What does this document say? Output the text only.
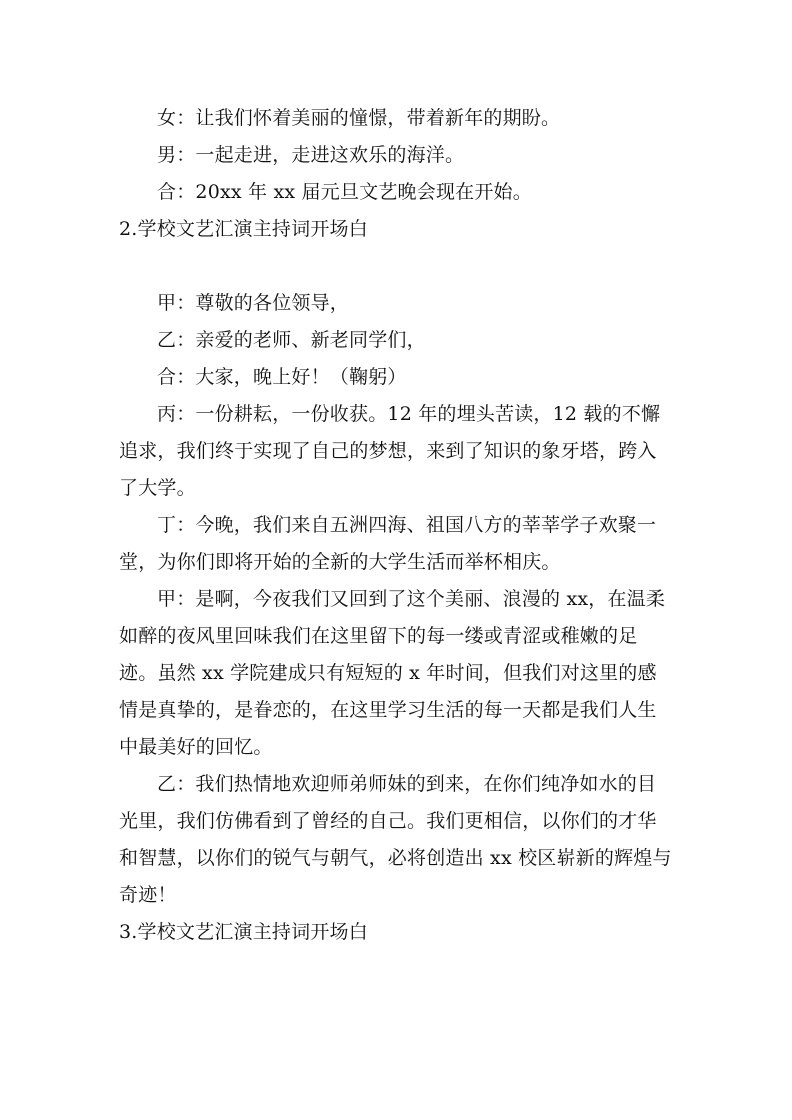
女：让我们怀着美丽的憧憬，带着新年的期盼。

男：一起走进，走进这欢乐的海洋。

合：20xx 年 xx 届元旦文艺晚会现在开始。

2.学校文艺汇演主持词开场白

甲：尊敬的各位领导，

乙：亲爱的老师、新老同学们，

合：大家，晚上好！（鞠躬）

丙：一份耕耘，一份收获。12 年的埋头苦读，12 载的不懈追求，我们终于实现了自己的梦想，来到了知识的象牙塔，跨入了大学。

丁：今晚，我们来自五洲四海、祖国八方的莘莘学子欢聚一堂，为你们即将开始的全新的大学生活而举杯相庆。

甲：是啊，今夜我们又回到了这个美丽、浪漫的 xx，在温柔如醉的夜风里回味我们在这里留下的每一缕或青涩或稚嫩的足迹。虽然 xx 学院建成只有短短的 x 年时间，但我们对这里的感情是真挚的，是眷恋的，在这里学习生活的每一天都是我们人生中最美好的回忆。

乙：我们热情地欢迎师弟师妹的到来，在你们纯净如水的目光里，我们仿佛看到了曾经的自己。我们更相信，以你们的才华和智慧，以你们的锐气与朝气，必将创造出 xx 校区崭新的辉煌与奇迹！

3.学校文艺汇演主持词开场白
